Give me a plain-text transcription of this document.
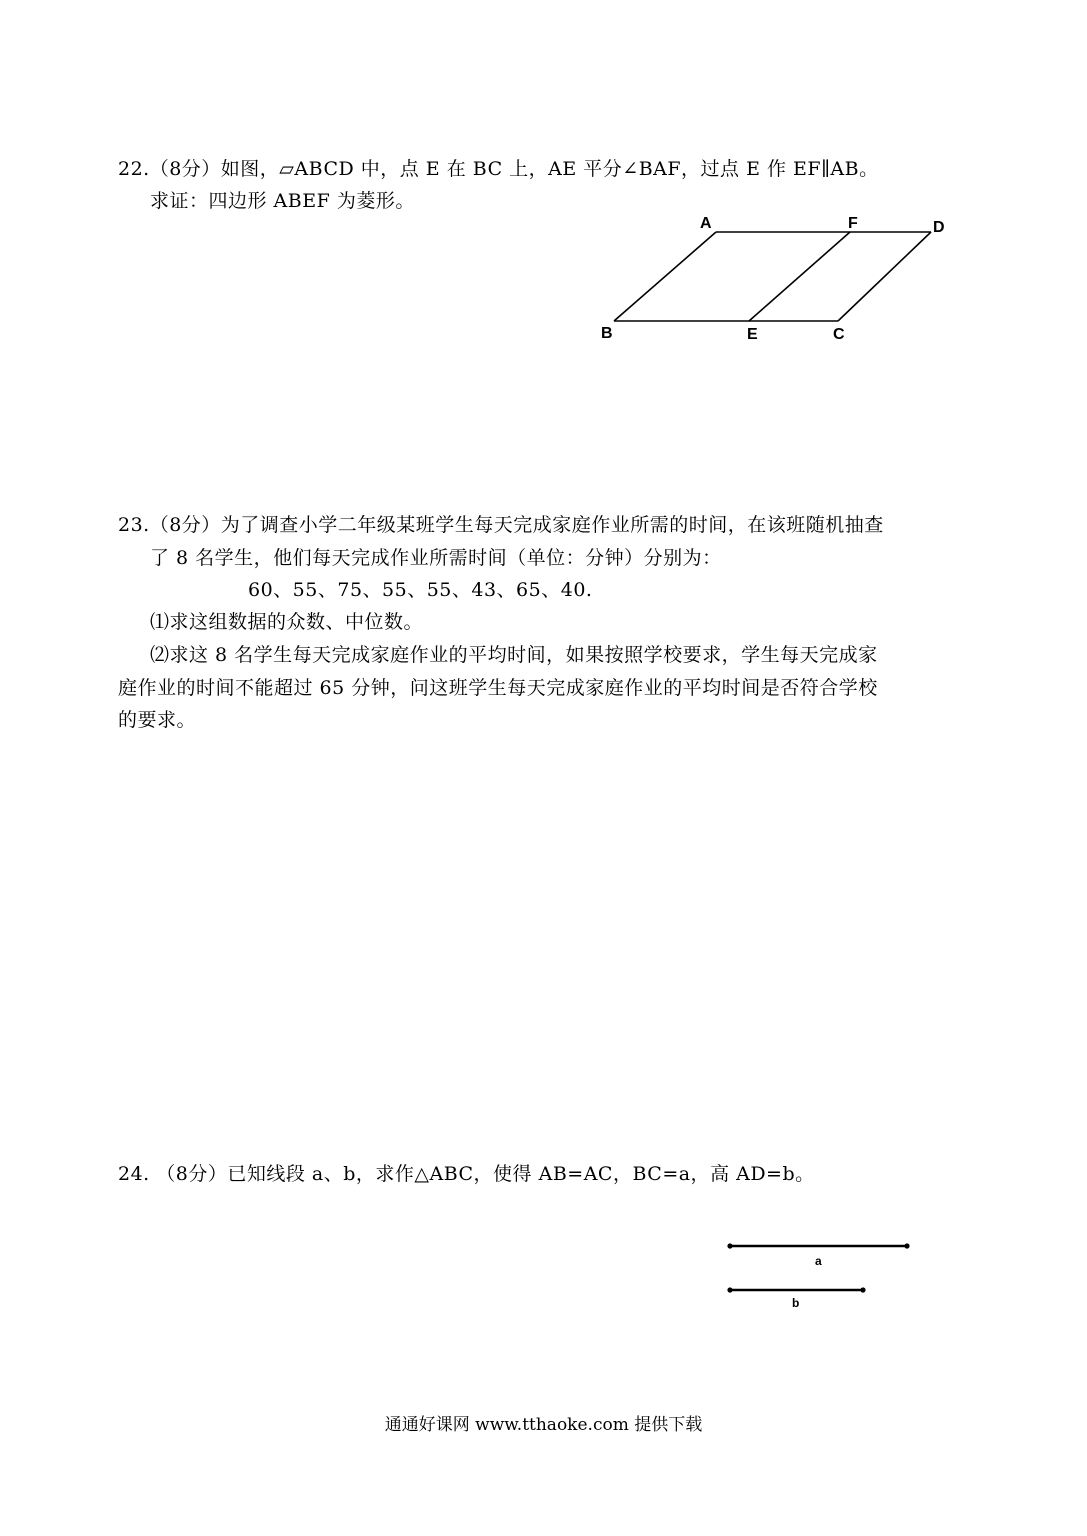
22.（8分）如图，▱ABCD 中，点 E 在 BC 上，AE 平分∠BAF，过点 E 作 EF∥AB。
求证：四边形 ABEF 为菱形。
A	F	D
B	E	C
a
b
23.（8分）为了调查小学二年级某班学生每天完成家庭作业所需的时间，在该班随机抽查
了 8 名学生，他们每天完成作业所需时间（单位：分钟）分别为：
60、55、75、55、55、43、65、40.
⑴求这组数据的众数、中位数。
⑵求这 8 名学生每天完成家庭作业的平均时间，如果按照学校要求，学生每天完成家
庭作业的时间不能超过 65 分钟，问这班学生每天完成家庭作业的平均时间是否符合学校
的要求。
24. （8分）已知线段 a、b，求作△ABC，使得 AB=AC，BC=a，高 AD=b。
通通好课网 www.tthaoke.com 提供下载
